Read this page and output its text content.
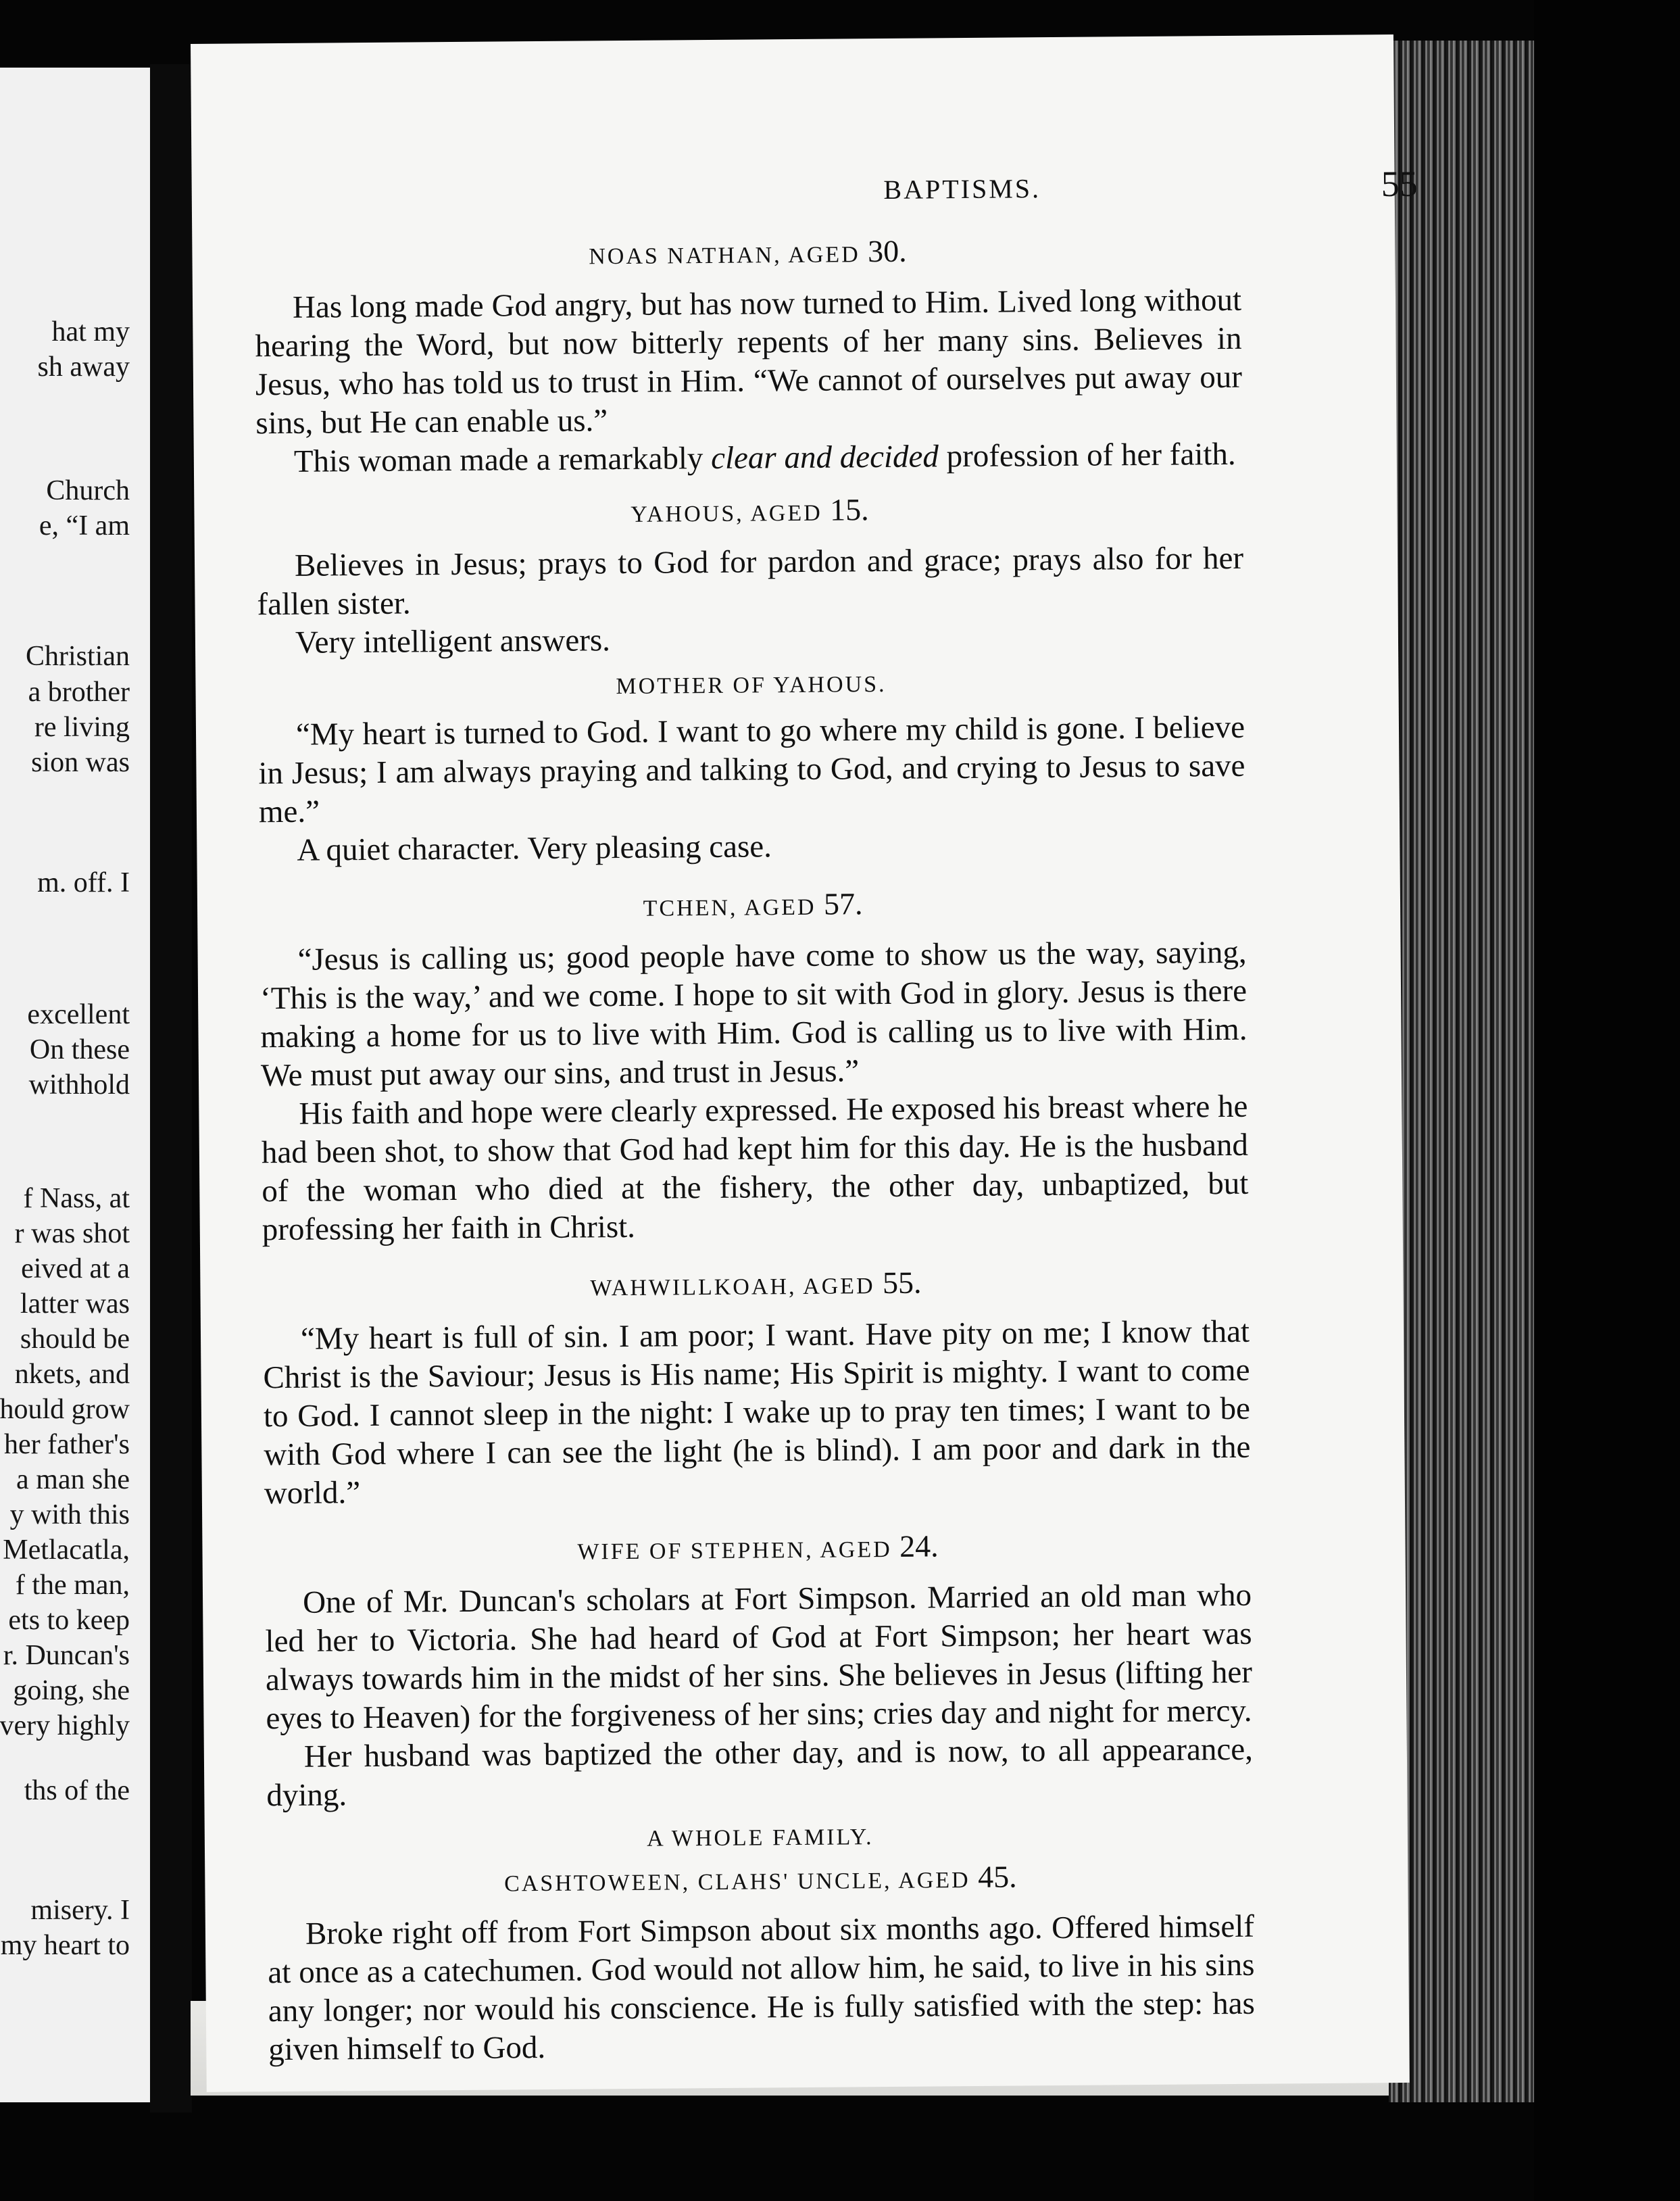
hat my
sh away
Church
e, “I am
Christian
a brother
re living
sion was
m. off. I
excellent
On these
withhold
f Nass, at
r was shot
eived at a
latter was
should be
nkets, and
hould grow
her father's
a man she
y with this
Metlacatla,
f the man,
ets to keep
r. Duncan's
going, she
very highly
ths of the
misery. I
my heart to
BAPTISMS.	55

NOAS NATHAN, AGED 30.

Has long made God angry, but has now turned to Him. Lived long without hearing the Word, but now bitterly repents of her many sins. Believes in Jesus, who has told us to trust in Him. “We cannot of ourselves put away our sins, but He can enable us.”

This woman made a remarkably clear and decided profession of her faith.

YAHOUS, AGED 15.

Believes in Jesus; prays to God for pardon and grace; prays also for her fallen sister.

Very intelligent answers.

MOTHER OF YAHOUS.

“My heart is turned to God. I want to go where my child is gone. I believe in Jesus; I am always praying and talking to God, and crying to Jesus to save me.”

A quiet character. Very pleasing case.

TCHEN, AGED 57.

“Jesus is calling us; good people have come to show us the way, saying, ‘This is the way,’ and we come. I hope to sit with God in glory. Jesus is there making a home for us to live with Him. God is calling us to live with Him. We must put away our sins, and trust in Jesus.”

His faith and hope were clearly expressed. He exposed his breast where he had been shot, to show that God had kept him for this day. He is the husband of the woman who died at the fishery, the other day, unbaptized, but professing her faith in Christ.

WAHWILLKOAH, AGED 55.

“My heart is full of sin. I am poor; I want. Have pity on me; I know that Christ is the Saviour; Jesus is His name; His Spirit is mighty. I want to come to God. I cannot sleep in the night: I wake up to pray ten times; I want to be with God where I can see the light (he is blind). I am poor and dark in the world.”

WIFE OF STEPHEN, AGED 24.

One of Mr. Duncan's scholars at Fort Simpson. Married an old man who led her to Victoria. She had heard of God at Fort Simpson; her heart was always towards him in the midst of her sins. She believes in Jesus (lifting her eyes to Heaven) for the forgiveness of her sins; cries day and night for mercy.

Her husband was baptized the other day, and is now, to all appearance, dying.

A WHOLE FAMILY.

CASHTOWEEN, CLAHS' UNCLE, AGED 45.

Broke right off from Fort Simpson about six months ago. Offered himself at once as a catechumen. God would not allow him, he said, to live in his sins any longer; nor would his conscience. He is fully satisfied with the step: has given himself to God.
